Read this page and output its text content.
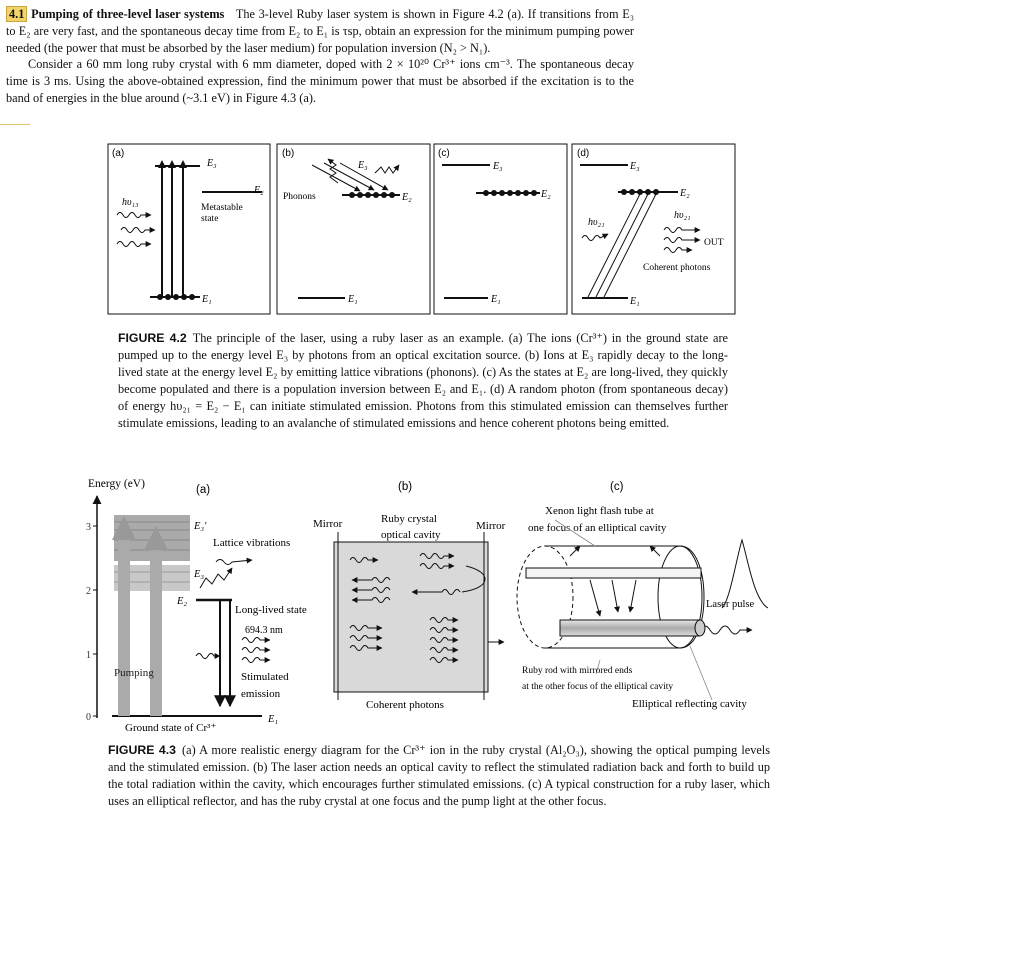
4.1 Pumping of three-level laser systems The 3-level Ruby laser system is shown in Figure 4.2 (a). If transitions from E₃ to E₂ are very fast, and the spontaneous decay time from E₂ to E₁ is τsp, obtain an expression for the minimum pumping power needed (the power that must be absorbed by the laser medium) for population inversion (N₂ > N₁).

Consider a 60 mm long ruby crystal with 6 mm diameter, doped with 2 × 10²⁰ Cr³⁺ ions cm⁻³. The spontaneous decay time is 3 ms. Using the above-obtained expression, find the minimum power that must be absorbed if the excitation is to the band of energies in the blue around (~3.1 eV) in Figure 4.3 (a).

(a)	(b)	(c)	(d)
E₃
E₂
E₁
hυ₁₃	Metastable
state
E₃
E₂
E₁
Phonons
E₃
E₂
E₁
E₃
E₂
E₁
hυ₂₁
hυ₂₁
OUT
Coherent photons
FIGURE 4.2 The principle of the laser, using a ruby laser as an example. (a) The ions (Cr³⁺) in the ground state are pumped up to the energy level E₃ by photons from an optical excitation source. (b) Ions at E₃ rapidly decay to the long-lived state at the energy level E₂ by emitting lattice vibrations (phonons). (c) As the states at E₂ are long-lived, they quickly become populated and there is a population inversion between E₂ and E₁. (d) A random photon (from spontaneous decay) of energy hυ₂₁ = E₂ − E₁ can initiate stimulated emission. Photons from this stimulated emission can themselves further stimulate emissions, leading to an avalanche of stimulated emissions and hence coherent photons being emitted.
Energy (eV)
0
1
2
3
(a)
E₃′
E₃
E₂
E₁
Lattice vibrations
Long-lived state
694.3 nm
Stimulated
emission
Pumping
Ground state of Cr³⁺
(b)
Mirror	Mirror
Ruby crystal
optical cavity
Coherent photons
(c)
Xenon light flash tube at
one focus of an elliptical cavity
Laser pulse
Ruby rod with mirrored ends
at the other focus of the elliptical cavity
Elliptical reflecting cavity
FIGURE 4.3 (a) A more realistic energy diagram for the Cr³⁺ ion in the ruby crystal (Al₂O₃), showing the optical pumping levels and the stimulated emission. (b) The laser action needs an optical cavity to reflect the stimulated radiation back and forth to build up the total radiation within the cavity, which encourages further stimulated emissions. (c) A typical construction for a ruby laser, which uses an elliptical reflector, and has the ruby crystal at one focus and the pump light at the other focus.
